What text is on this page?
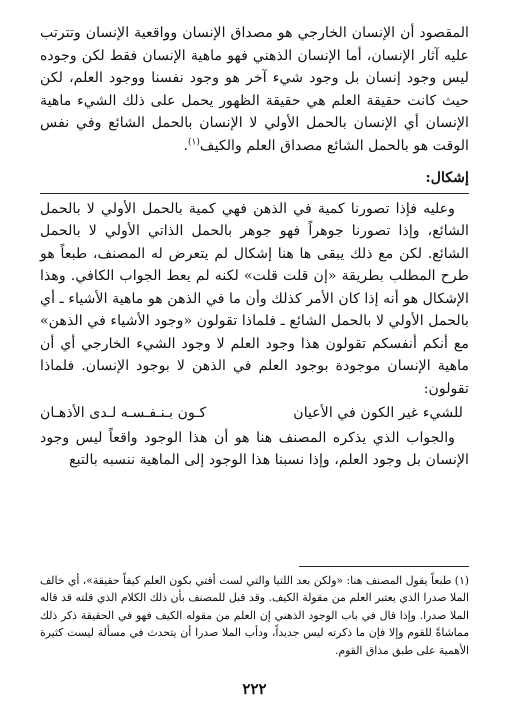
المقصود أن الإنسان الخارجي هو مصداق الإنسان وواقعية الإنسان وتترتب عليه آثار الإنسان، أما الإنسان الذهني فهو ماهية الإنسان فقط لكن وجوده ليس وجود إنسان بل وجود شيء آخر هو وجود نفسنا ووجود العلم، لكن حيث كانت حقيقة العلم هي حقيقة الظهور يحمل على ذلك الشيء ماهية الإنسان أي الإنسان بالحمل الأولي لا الإنسان بالحمل الشائع وفي نفس الوقت هو بالحمل الشائع مصداق العلم والكيف$^{(١)}$.

إشكال:

وعليه فإذا تصورنا كمية في الذهن فهي كمية بالحمل الأولي لا بالحمل الشائع، وإذا تصورنا جوهراً فهو جوهر بالحمل الذاتي الأولي لا بالحمل الشائع. لكن مع ذلك يبقى ها هنا إشكال لم يتعرض له المصنف، طبعاً هو طرح المطلب بطريقة «إن قلت قلت» لكنه لم يعط الجواب الكافي. وهذا الإشكال هو أنه إذا كان الأمر كذلك وأن ما في الذهن هو ماهية الأشياء ـ أي بالحمل الأولي لا بالحمل الشائع ـ فلماذا تقولون «وجود الأشياء في الذهن» مع أنكم أنفسكم تقولون هذا وجود العلم لا وجود الشيء الخارجي أي أن ماهية الإنسان موجودة بوجود العلم في الذهن لا بوجود الإنسان. فلماذا تقولون:

للشيء غير الكون في الأعيان
كـون بـنـفـسـه لـدى الأذهـان

والجواب الذي يذكره المصنف هنا هو أن هذا الوجود واقعاً ليس وجود الإنسان بل وجود العلم، وإذا نسبنا هذا الوجود إلى الماهية ننسبه بالتبع

(١) طبعاً يقول المصنف هنا: «ولكن بعد اللتيا والتي لست أفتي بكون العلم كيفاً حقيقة»، أي خالف الملا صدرا الذي يعتبر العلم من مقولة الكيف. وقد قبل للمصنف بأن ذلك الكلام الذي قلته قد قاله الملا صدرا. وإذا قال في باب الوجود الذهني إن العلم من مقوله الكيف فهو في الحقيقة ذكر ذلك مماشاةً للقوم وإلا فإن ما ذكرته ليس جديداً، ودأب الملا صدرا أن يتحدث في مسألة ليست كثيرة الأهمية على طبق مذاق القوم.

٢٢٢
